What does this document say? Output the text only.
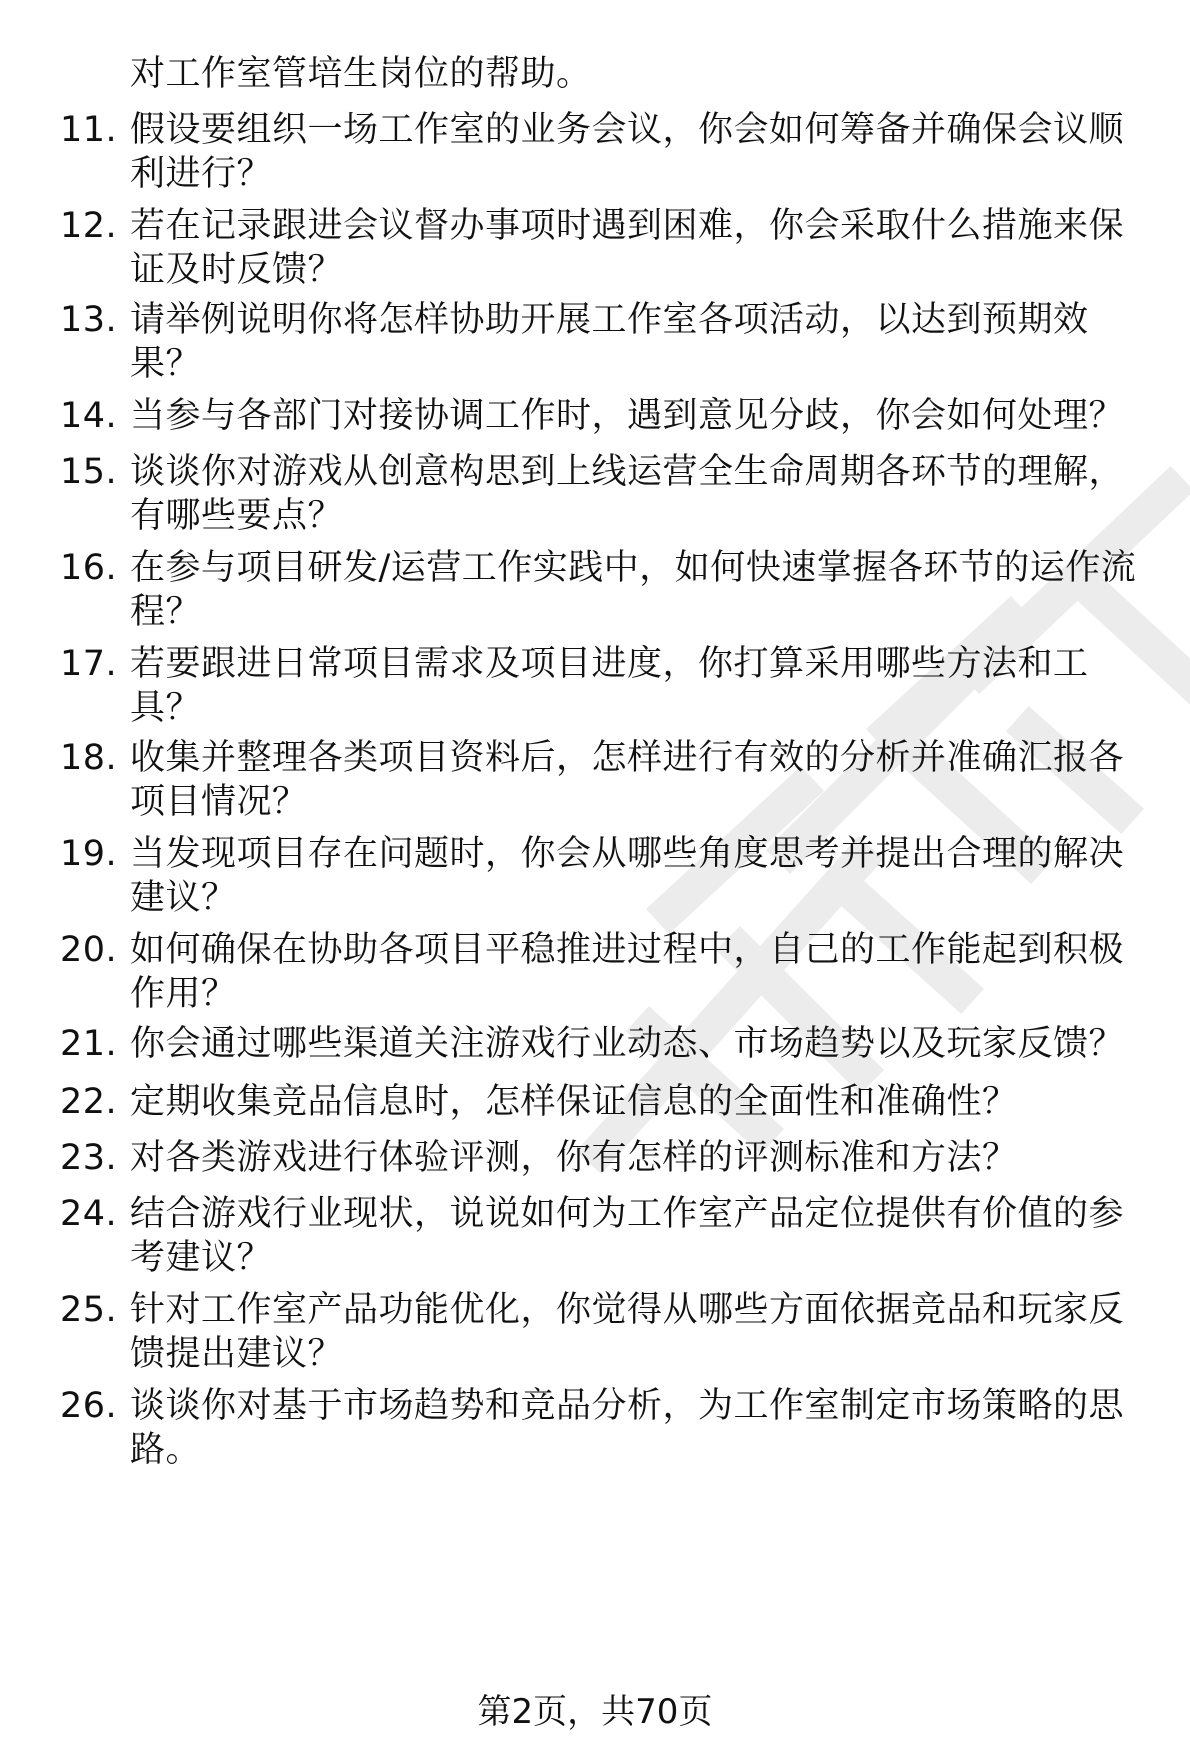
对工作室管培生岗位的帮助。
11. 假设要组织一场工作室的业务会议，你会如何筹备并确保会议顺
利进行？
12. 若在记录跟进会议督办事项时遇到困难，你会采取什么措施来保
证及时反馈？
13. 请举例说明你将怎样协助开展工作室各项活动，以达到预期效
果？
14. 当参与各部门对接协调工作时，遇到意见分歧，你会如何处理？
15. 谈谈你对游戏从创意构思到上线运营全生命周期各环节的理解，
有哪些要点？
16. 在参与项目研发/运营工作实践中，如何快速掌握各环节的运作流
程？
17. 若要跟进日常项目需求及项目进度，你打算采用哪些方法和工
具？
18. 收集并整理各类项目资料后，怎样进行有效的分析并准确汇报各
项目情况？
19. 当发现项目存在问题时，你会从哪些角度思考并提出合理的解决
建议？
20. 如何确保在协助各项目平稳推进过程中，自己的工作能起到积极
作用？
21. 你会通过哪些渠道关注游戏行业动态、市场趋势以及玩家反馈？
22. 定期收集竞品信息时，怎样保证信息的全面性和准确性？
23. 对各类游戏进行体验评测，你有怎样的评测标准和方法？
24. 结合游戏行业现状，说说如何为工作室产品定位提供有价值的参
考建议？
25. 针对工作室产品功能优化，你觉得从哪些方面依据竞品和玩家反
馈提出建议？
26. 谈谈你对基于市场趋势和竞品分析，为工作室制定市场策略的思
路。
第2页，共70页
